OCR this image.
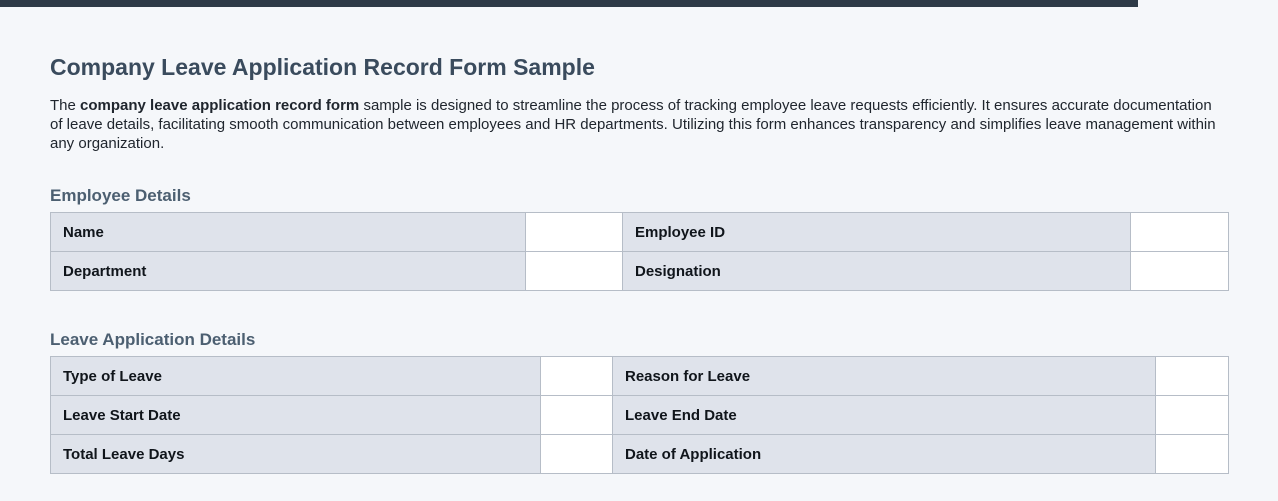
Company Leave Application Record Form Sample

The company leave application record form sample is designed to streamline the process of tracking employee leave requests efficiently. It ensures accurate documentation of leave details, facilitating smooth communication between employees and HR departments. Utilizing this form enhances transparency and simplifies leave management within any organization.

Employee Details
Name		Employee ID	
Department		Designation	
Leave Application Details
Type of Leave		Reason for Leave	
Leave Start Date		Leave End Date	
Total Leave Days		Date of Application	
